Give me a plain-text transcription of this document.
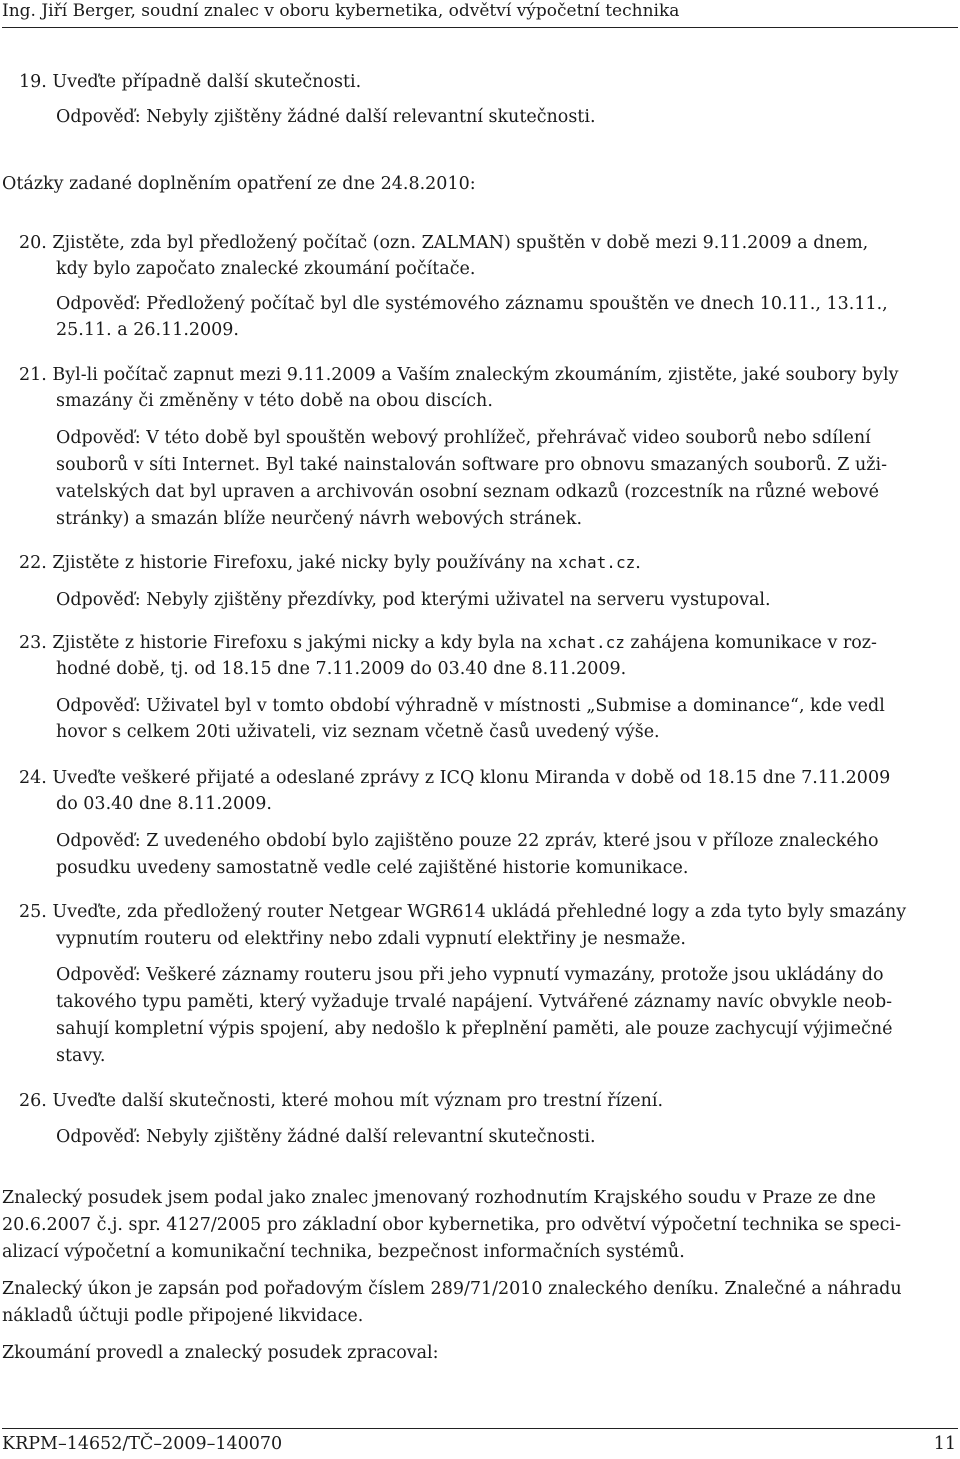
Ing. Jiří Berger, soudní znalec v oboru kybernetika, odvětví výpočetní technika
19. Uveďte případně další skutečnosti.
Odpověď: Nebyly zjištěny žádné další relevantní skutečnosti.
Otázky zadané doplněním opatření ze dne 24.8.2010:
20. Zjistěte, zda byl předložený počítač (ozn. ZALMAN) spuštěn v době mezi 9.11.2009 a dnem,
kdy bylo započato znalecké zkoumání počítače.
Odpověď: Předložený počítač byl dle systémového záznamu spouštěn ve dnech 10.11., 13.11.,
25.11. a 26.11.2009.
21. Byl-li počítač zapnut mezi 9.11.2009 a Vaším znaleckým zkoumáním, zjistěte, jaké soubory byly
smazány či změněny v této době na obou discích.
Odpověď: V této době byl spouštěn webový prohlížeč, přehrávač video souborů nebo sdílení
souborů v síti Internet. Byl také nainstalován software pro obnovu smazaných souborů. Z uži-
vatelských dat byl upraven a archivován osobní seznam odkazů (rozcestník na různé webové
stránky) a smazán blíže neurčený návrh webových stránek.
22. Zjistěte z historie Firefoxu, jaké nicky byly používány na xchat.cz.
Odpověď: Nebyly zjištěny přezdívky, pod kterými uživatel na serveru vystupoval.
23. Zjistěte z historie Firefoxu s jakými nicky a kdy byla na xchat.cz zahájena komunikace v roz-
hodné době, tj. od 18.15 dne 7.11.2009 do 03.40 dne 8.11.2009.
Odpověď: Uživatel byl v tomto období výhradně v místnosti „Submise a dominance“, kde vedl
hovor s celkem 20ti uživateli, viz seznam včetně časů uvedený výše.
24. Uveďte veškeré přijaté a odeslané zprávy z ICQ klonu Miranda v době od 18.15 dne 7.11.2009
do 03.40 dne 8.11.2009.
Odpověď: Z uvedeného období bylo zajištěno pouze 22 zpráv, které jsou v příloze znaleckého
posudku uvedeny samostatně vedle celé zajištěné historie komunikace.
25. Uveďte, zda předložený router Netgear WGR614 ukládá přehledné logy a zda tyto byly smazány
vypnutím routeru od elektřiny nebo zdali vypnutí elektřiny je nesmaže.
Odpověď: Veškeré záznamy routeru jsou při jeho vypnutí vymazány, protože jsou ukládány do
takového typu paměti, který vyžaduje trvalé napájení. Vytvářené záznamy navíc obvykle neob-
sahují kompletní výpis spojení, aby nedošlo k přeplnění paměti, ale pouze zachycují výjimečné
stavy.
26. Uveďte další skutečnosti, které mohou mít význam pro trestní řízení.
Odpověď: Nebyly zjištěny žádné další relevantní skutečnosti.
Znalecký posudek jsem podal jako znalec jmenovaný rozhodnutím Krajského soudu v Praze ze dne
20.6.2007 č.j. spr. 4127/2005 pro základní obor kybernetika, pro odvětví výpočetní technika se speci-
alizací výpočetní a komunikační technika, bezpečnost informačních systémů.
Znalecký úkon je zapsán pod pořadovým číslem 289/71/2010 znaleckého deníku. Znalečné a náhradu
nákladů účtuji podle připojené likvidace.
Zkoumání provedl a znalecký posudek zpracoval:
KRPM–14652/TČ–2009–140070	11
